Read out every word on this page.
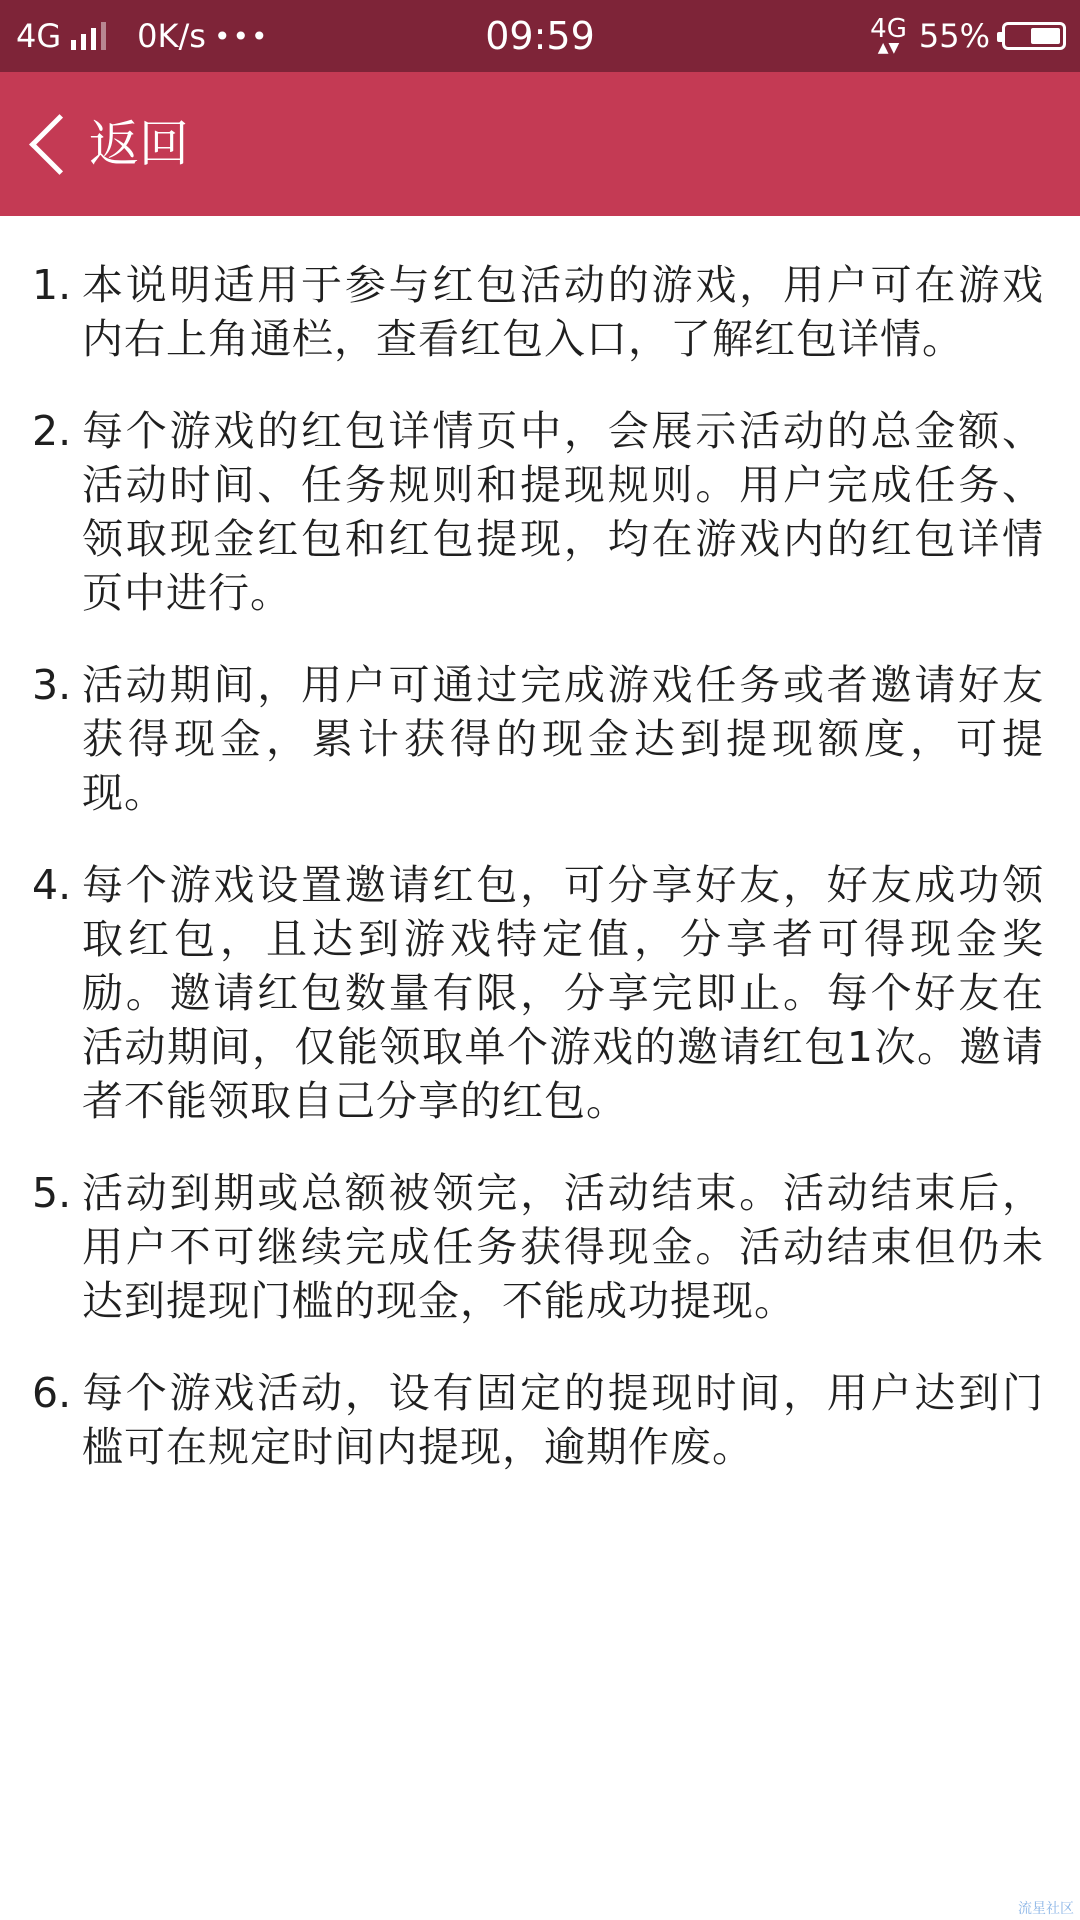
4G 0K/s •••	09:59	4G
▲▼ 55%
返回
1. 本说明适用于参与红包活动的游戏，用户可在游戏内右上角通栏，查看红包入口，了解红包详情。
2. 每个游戏的红包详情页中，会展示活动的总金额、活动时间、任务规则和提现规则。用户完成任务、领取现金红包和红包提现，均在游戏内的红包详情页中进行。
3. 活动期间，用户可通过完成游戏任务或者邀请好友获得现金，累计获得的现金达到提现额度，可提现。
4. 每个游戏设置邀请红包，可分享好友，好友成功领取红包，且达到游戏特定值，分享者可得现金奖励。邀请红包数量有限，分享完即止。每个好友在活动期间，仅能领取单个游戏的邀请红包1次。邀请者不能领取自己分享的红包。
5. 活动到期或总额被领完，活动结束。活动结束后，用户不可继续完成任务获得现金。活动结束但仍未达到提现门槛的现金，不能成功提现。
6. 每个游戏活动，设有固定的提现时间，用户达到门槛可在规定时间内提现，逾期作废。
流星社区
